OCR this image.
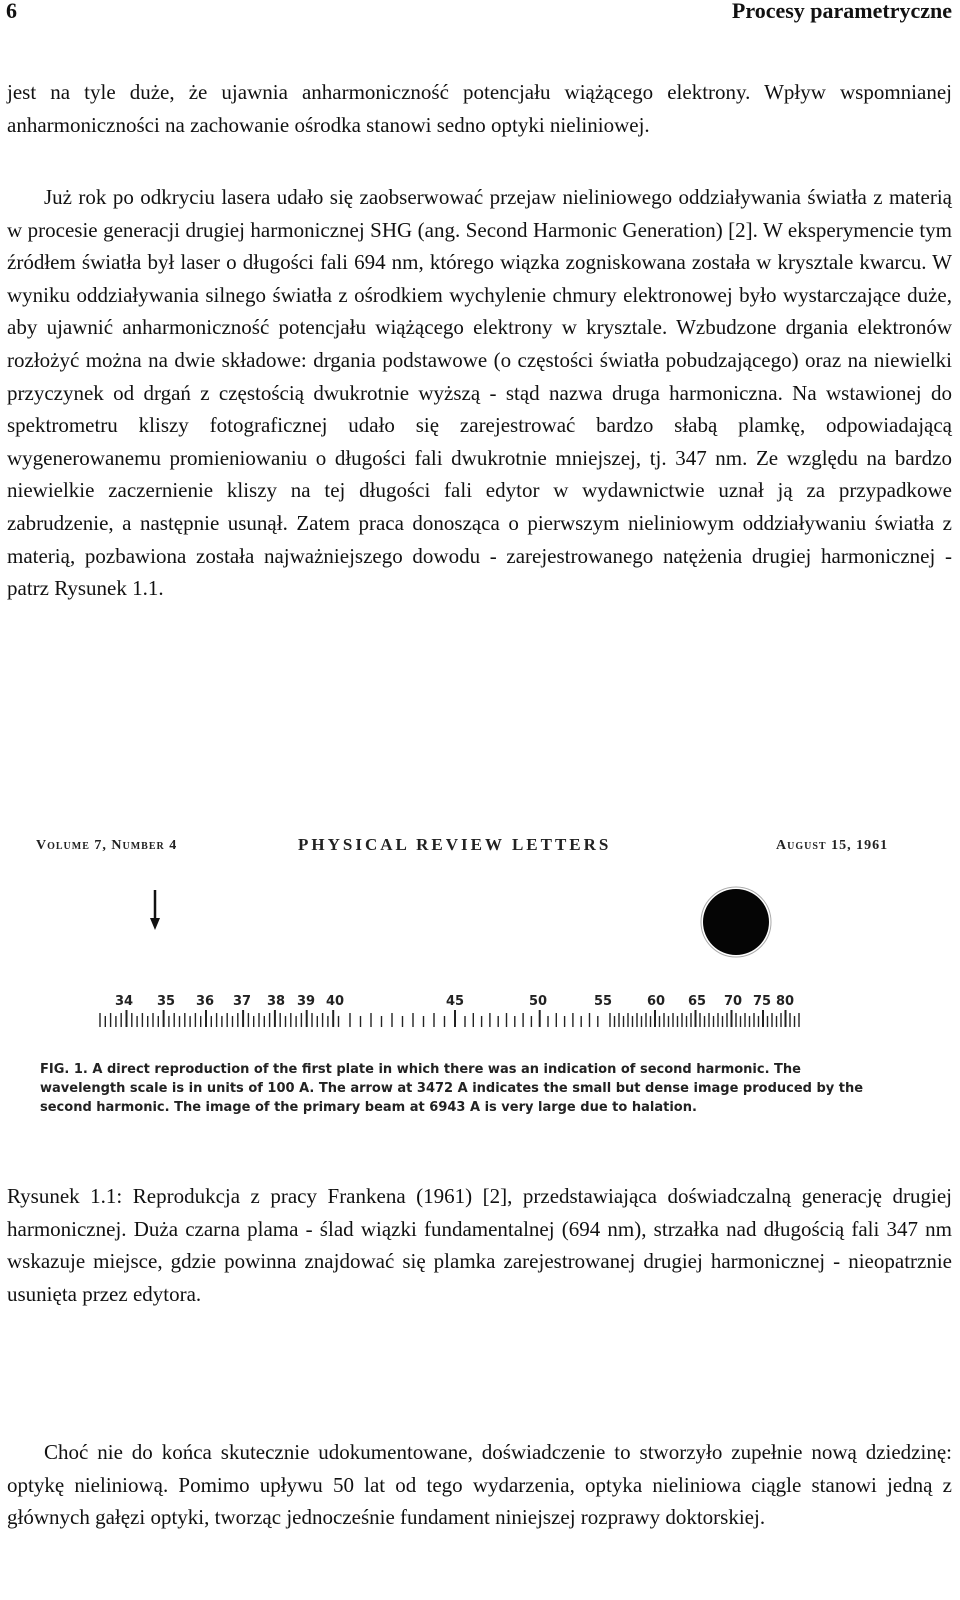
6	Procesy parametryczne

jest na tyle duże, że ujawnia anharmoniczność potencjału wiążącego elektrony. Wpływ wspomnianej anharmoniczności na zachowanie ośrodka stanowi sedno optyki nieliniowej.

Już rok po odkryciu lasera udało się zaobserwować przejaw nieliniowego oddziaływania światła z materią w procesie generacji drugiej harmonicznej SHG (ang. Second Harmonic Generation) [2]. W eksperymencie tym źródłem światła był laser o długości fali 694 nm, którego wiązka zogniskowana została w krysztale kwarcu. W wyniku oddziaływania silnego światła z ośrodkiem wychylenie chmury elektronowej było wystarczające duże, aby ujawnić anharmoniczność potencjału wiążącego elektrony w krysztale. Wzbudzone drgania elektronów rozłożyć można na dwie składowe: drgania podstawowe (o częstości światła pobudzającego) oraz na niewielki przyczynek od drgań z częstością dwukrotnie wyższą - stąd nazwa druga harmoniczna. Na wstawionej do spektrometru kliszy fotograficznej udało się zarejestrować bardzo słabą plamkę, odpowiadającą wygenerowanemu promieniowaniu o długości fali dwukrotnie mniejszej, tj. 347 nm. Ze względu na bardzo niewielkie zaczernienie kliszy na tej długości fali edytor w wydawnictwie uznał ją za przypadkowe zabrudzenie, a następnie usunął. Zatem praca donosząca o pierwszym nieliniowym oddziaływaniu światła z materią, pozbawiona została najważniejszego dowodu - zarejestrowanego natężenia drugiej harmonicznej - patrz Rysunek 1.1.

Volume 7, Number 4	PHYSICAL REVIEW LETTERS	August 15, 1961
34 35 36 37 38 39 40	45	50	55	60 65 70 75 80

FIG. 1. A direct reproduction of the first plate in which there was an indication of second harmonic. The wavelength scale is in units of 100 A. The arrow at 3472 A indicates the small but dense image produced by the second harmonic. The image of the primary beam at 6943 A is very large due to halation.

Rysunek 1.1: Reprodukcja z pracy Frankena (1961) [2], przedstawiająca doświadczalną generację drugiej harmonicznej. Duża czarna plama - ślad wiązki fundamentalnej (694 nm), strzałka nad długością fali 347 nm wskazuje miejsce, gdzie powinna znajdować się plamka zarejestrowanej drugiej harmonicznej - nieopatrznie usunięta przez edytora.

Choć nie do końca skutecznie udokumentowane, doświadczenie to stworzyło zupełnie nową dziedzinę: optykę nieliniową. Pomimo upływu 50 lat od tego wydarzenia, optyka nieliniowa ciągle stanowi jedną z głównych gałęzi optyki, tworząc jednocześnie fundament niniejszej rozprawy doktorskiej.
